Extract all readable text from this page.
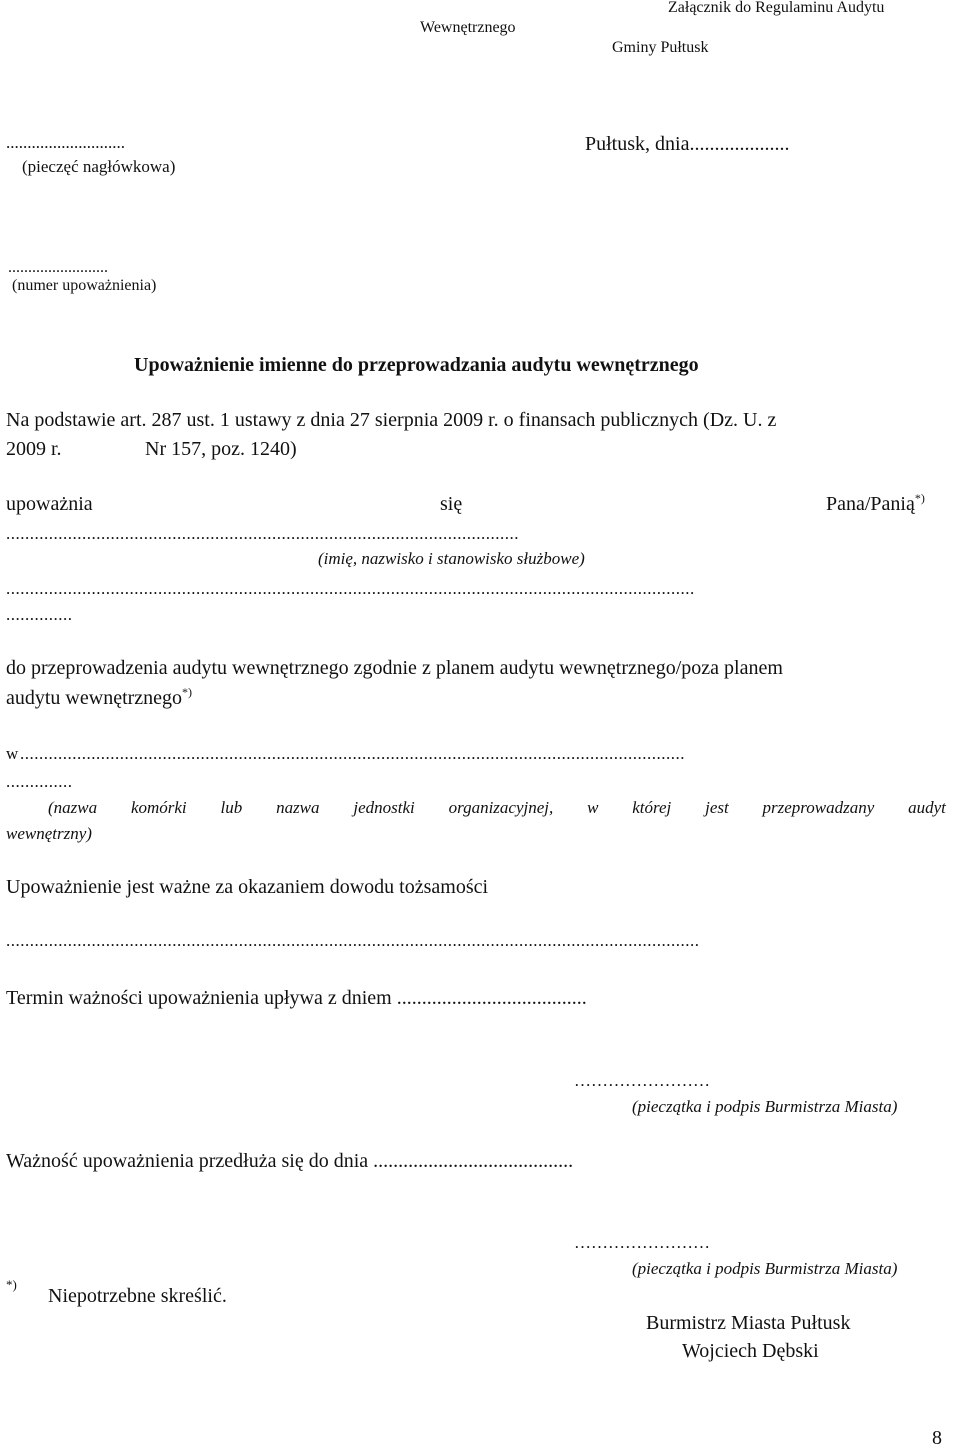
Wewnętrznego
Załącznik do Regulaminu Audytu
Gminy Pułtusk
............................
(pieczęć nagłówkowa)
Pułtusk, dnia....................
.........................
(numer upoważnienia)
Upoważnienie imienne do przeprowadzania audytu wewnętrznego
Na podstawie art. 287 ust. 1 ustawy z dnia 27 sierpnia 2009 r. o finansach publicznych (Dz. U. z
2009 r.	Nr 157, poz. 1240)
upoważnia	się	Pana/Panią*)
............................................................................................................
(imię, nazwisko i stanowisko służbowe)
.................................................................................................................................................
..............
do przeprowadzenia audytu wewnętrznego zgodnie z planem audytu wewnętrznego/poza planem
audytu wewnętrznego*)
w ............................................................................................................................................
..............
(nazwa komórki lub nazwa jednostki organizacyjnej, w której jest przeprowadzany audyt
wewnętrzny)
Upoważnienie jest ważne za okazaniem dowodu tożsamości
..................................................................................................................................................
Termin ważności upoważnienia upływa z dniem ......................................
……………………
(pieczątka i podpis Burmistrza Miasta)
Ważność upoważnienia przedłuża się do dnia ........................................
……………………
(pieczątka i podpis Burmistrza Miasta)
*)
Niepotrzebne skreślić.
Burmistrz Miasta Pułtusk
Wojciech Dębski
8
